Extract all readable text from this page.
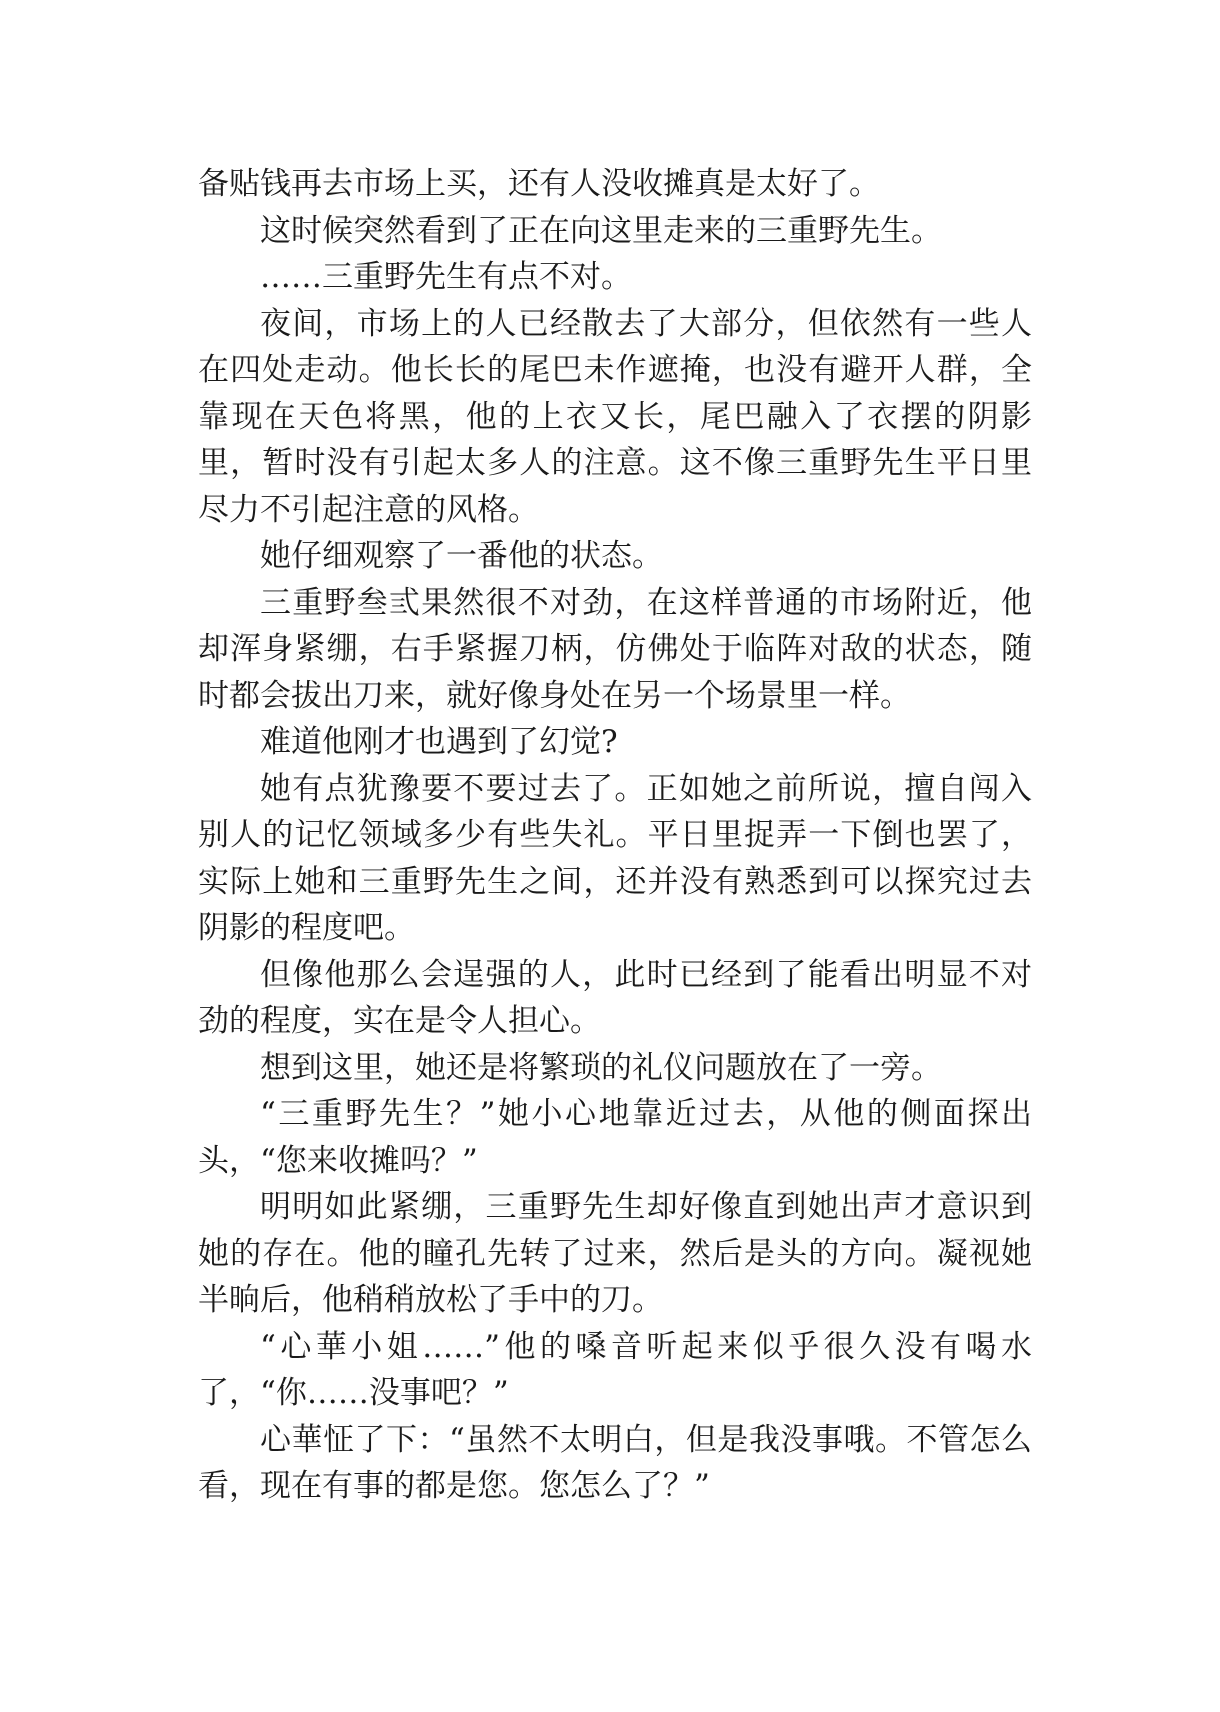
备贴钱再去市场上买，还有人没收摊真是太好了。

这时候突然看到了正在向这里走来的三重野先生。

……三重野先生有点不对。

夜间，市场上的人已经散去了大部分，但依然有一些人在四处走动。他长长的尾巴未作遮掩，也没有避开人群，全靠现在天色将黑，他的上衣又长，尾巴融入了衣摆的阴影里，暂时没有引起太多人的注意。这不像三重野先生平日里尽力不引起注意的风格。

她仔细观察了一番他的状态。

三重野叁弎果然很不对劲，在这样普通的市场附近，他却浑身紧绷，右手紧握刀柄，仿佛处于临阵对敌的状态，随时都会拔出刀来，就好像身处在另一个场景里一样。

难道他刚才也遇到了幻觉?

她有点犹豫要不要过去了。正如她之前所说，擅自闯入别人的记忆领域多少有些失礼。平日里捉弄一下倒也罢了，实际上她和三重野先生之间，还并没有熟悉到可以探究过去阴影的程度吧。

但像他那么会逞强的人，此时已经到了能看出明显不对劲的程度，实在是令人担心。

想到这里，她还是将繁琐的礼仪问题放在了一旁。

“三重野先生？”她小心地靠近过去，从他的侧面探出头，“您来收摊吗？”

明明如此紧绷，三重野先生却好像直到她出声才意识到她的存在。他的瞳孔先转了过来，然后是头的方向。凝视她半晌后，他稍稍放松了手中的刀。

“心華小姐……”他的嗓音听起来似乎很久没有喝水了，“你……没事吧？”

心華怔了下：“虽然不太明白，但是我没事哦。不管怎么看，现在有事的都是您。您怎么了？”
